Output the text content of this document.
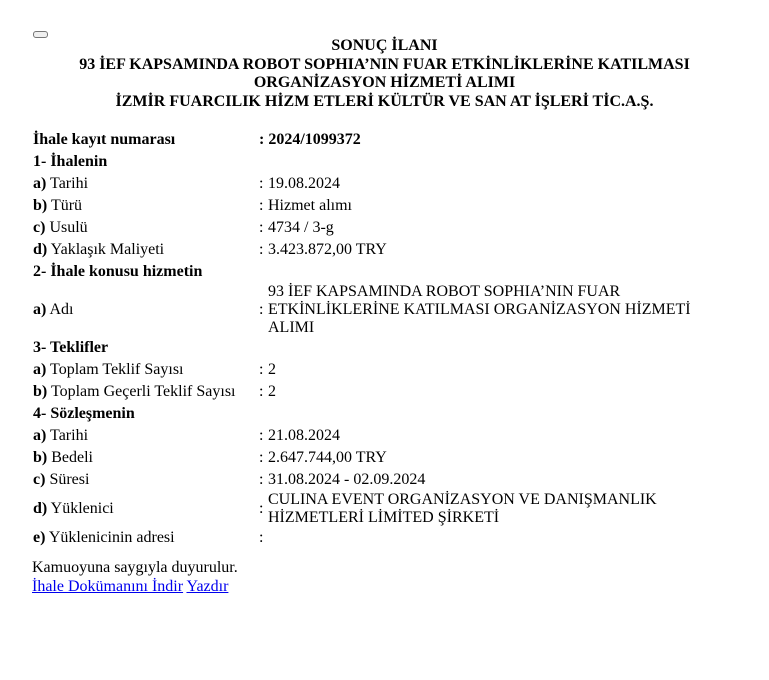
SONUÇ İLANI
93 İEF KAPSAMINDA ROBOT SOPHIA’NIN FUAR ETKİNLİKLERİNE KATILMASI
ORGANİZASYON HİZMETİ ALIMI
İZMİR FUARCILIK HİZM ETLERİ KÜLTÜR VE SAN AT İŞLERİ TİC.A.Ş.
İhale kayıt numarası	: 2024/1099372	
1- İhalenin		
a) Tarihi	:	19.08.2024
b) Türü	:	Hizmet alımı
c) Usulü	:	4734 / 3-g
d) Yaklaşık Maliyeti	:	3.423.872,00 TRY
2- İhale konusu hizmetin		
a) Adı	:	93 İEF KAPSAMINDA ROBOT SOPHIA’NIN FUAR ETKİNLİKLERİNE KATILMASI ORGANİZASYON HİZMETİ ALIMI
3- Teklifler		
a) Toplam Teklif Sayısı	:	2
b) Toplam Geçerli Teklif Sayısı	:	2
4- Sözleşmenin		
a) Tarihi	:	21.08.2024
b) Bedeli	:	2.647.744,00 TRY
c) Süresi	:	31.08.2024 - 02.09.2024
d) Yüklenici	:	CULINA EVENT ORGANİZASYON VE DANIŞMANLIK HİZMETLERİ LİMİTED ŞİRKETİ
e) Yüklenicinin adresi	:	
Kamuoyuna saygıyla duyurulur.
İhale Dokümanını İndir Yazdır
